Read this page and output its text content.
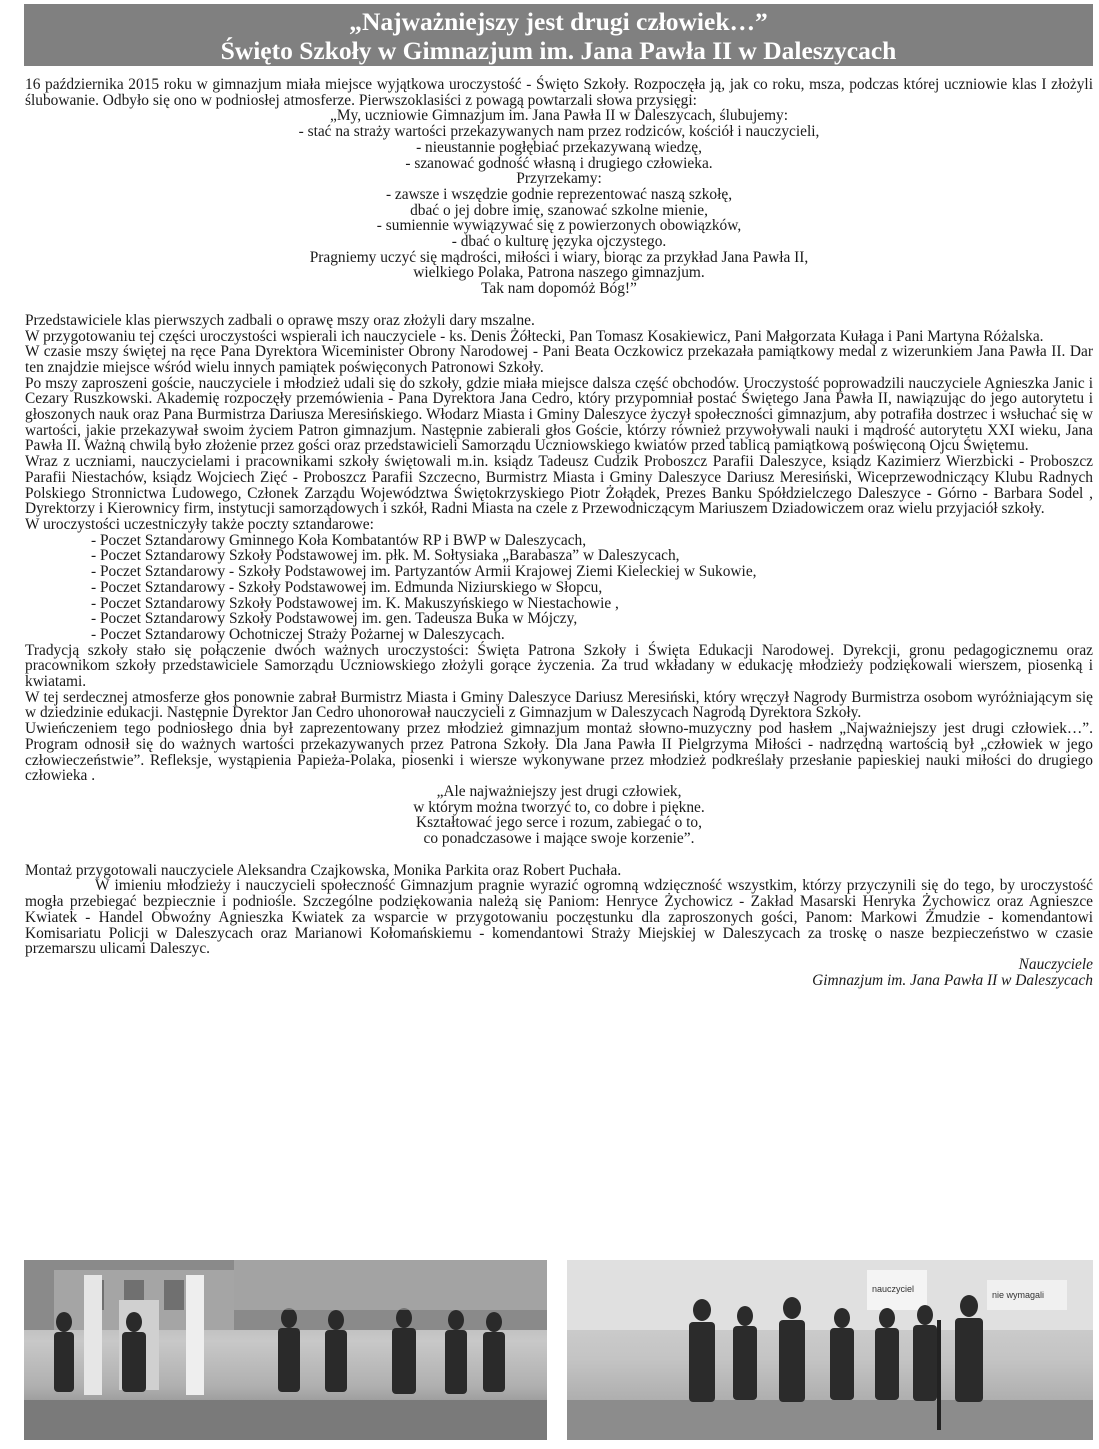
„Najważniejszy jest drugi człowiek…”
Święto Szkoły w Gimnazjum im. Jana Pawła II w Daleszycach

16 października 2015 roku w gimnazjum miała miejsce wyjątkowa uroczystość - Święto Szkoły. Rozpoczęła ją, jak co roku, msza, podczas której uczniowie klas I złożyli ślubowanie. Odbyło się ono w podniosłej atmosferze. Pierwszoklasiści z powagą powtarzali słowa przysięgi:

„My, uczniowie Gimnazjum im. Jana Pawła II w Daleszycach, ślubujemy:

- stać na straży wartości przekazywanych nam przez rodziców, kościół i nauczycieli,

- nieustannie pogłębiać przekazywaną wiedzę,

- szanować godność własną i drugiego człowieka.

Przyrzekamy:

- zawsze i wszędzie godnie reprezentować naszą szkołę,

dbać o jej dobre imię, szanować szkolne mienie,

- sumiennie wywiązywać się z powierzonych obowiązków,

- dbać o kulturę języka ojczystego.

Pragniemy uczyć się mądrości, miłości i wiary, biorąc za przykład Jana Pawła II,

wielkiego Polaka, Patrona naszego gimnazjum.

Tak nam dopomóż Bóg!”

Przedstawiciele klas pierwszych zadbali o oprawę mszy oraz złożyli dary mszalne.

W przygotowaniu tej części uroczystości wspierali ich nauczyciele - ks. Denis Żółtecki, Pan Tomasz Kosakiewicz, Pani Małgorzata Kułaga i Pani Martyna Różalska.

W czasie mszy świętej na ręce Pana Dyrektora Wiceminister Obrony Narodowej - Pani Beata Oczkowicz przekazała pamiątkowy medal z wizerunkiem Jana Pawła II. Dar ten znajdzie miejsce wśród wielu innych pamiątek poświęconych Patronowi Szkoły.

Po mszy zaproszeni goście, nauczyciele i młodzież udali się do szkoły, gdzie miała miejsce dalsza część obchodów. Uroczystość poprowadzili nauczyciele Agnieszka Janic i Cezary Ruszkowski. Akademię rozpoczęły przemówienia - Pana Dyrektora Jana Cedro, który przypomniał postać Świętego Jana Pawła II, nawiązując do jego autorytetu i głoszonych nauk oraz Pana Burmistrza Dariusza Meresińskiego. Włodarz Miasta i Gminy Daleszyce życzył społeczności gimnazjum, aby potrafiła dostrzec i wsłuchać się w wartości, jakie przekazywał swoim życiem Patron gimnazjum. Następnie zabierali głos Goście, którzy również przywoływali nauki i mądrość autorytetu XXI wieku, Jana Pawła II. Ważną chwilą było złożenie przez gości oraz przedstawicieli Samorządu Uczniowskiego kwiatów przed tablicą pamiątkową poświęconą Ojcu Świętemu.

Wraz z uczniami, nauczycielami i pracownikami szkoły świętowali m.in. ksiądz Tadeusz Cudzik Proboszcz Parafii Daleszyce, ksiądz Kazimierz Wierzbicki - Proboszcz Parafii Niestachów, ksiądz Wojciech Zięć - Proboszcz Parafii Szczecno, Burmistrz Miasta i Gminy Daleszyce Dariusz Meresiński, Wiceprzewodniczący Klubu Radnych Polskiego Stronnictwa Ludowego, Członek Zarządu Województwa Świętokrzyskiego Piotr Żołądek, Prezes Banku Spółdzielczego Daleszyce - Górno - Barbara Sodel , Dyrektorzy i Kierownicy firm, instytucji samorządowych i szkół, Radni Miasta na czele z Przewodniczącym Mariuszem Dziadowiczem oraz wielu przyjaciół szkoły.

W uroczystości uczestniczyły także poczty sztandarowe:

- Poczet Sztandarowy Gminnego Koła Kombatantów RP i BWP w Daleszycach,
- Poczet Sztandarowy Szkoły Podstawowej im. płk. M. Sołtysiaka „Barabasza” w Daleszycach,
- Poczet Sztandarowy - Szkoły Podstawowej im. Partyzantów Armii Krajowej Ziemi Kieleckiej w Sukowie,
- Poczet Sztandarowy - Szkoły Podstawowej im. Edmunda Niziurskiego w Słopcu,
- Poczet Sztandarowy Szkoły Podstawowej im. K. Makuszyńskiego w Niestachowie ,
- Poczet Sztandarowy Szkoły Podstawowej im. gen. Tadeusza Buka w Mójczy,
- Poczet Sztandarowy Ochotniczej Straży Pożarnej w Daleszycach.

Tradycją szkoły stało się połączenie dwóch ważnych uroczystości: Święta Patrona Szkoły i Święta Edukacji Narodowej. Dyrekcji, gronu pedagogicznemu oraz pracownikom szkoły przedstawiciele Samorządu Uczniowskiego złożyli gorące życzenia. Za trud wkładany w edukację młodzieży podziękowali wierszem, piosenką i kwiatami.

W tej serdecznej atmosferze głos ponownie zabrał Burmistrz Miasta i Gminy Daleszyce Dariusz Meresiński, który wręczył Nagrody Burmistrza osobom wyróżniającym się w dziedzinie edukacji. Następnie Dyrektor Jan Cedro uhonorował nauczycieli z Gimnazjum w Daleszycach Nagrodą Dyrektora Szkoły.

Uwieńczeniem tego podniosłego dnia był zaprezentowany przez młodzież gimnazjum montaż słowno-muzyczny pod hasłem „Najważniejszy jest drugi człowiek…”. Program odnosił się do ważnych wartości przekazywanych przez Patrona Szkoły. Dla Jana Pawła II Pielgrzyma Miłości - nadrzędną wartością był „człowiek w jego człowieczeństwie”. Refleksje, wystąpienia Papieża-Polaka, piosenki i wiersze wykonywane przez młodzież podkreślały przesłanie papieskiej nauki miłości do drugiego człowieka .

„Ale najważniejszy jest drugi człowiek,

w którym można tworzyć to, co dobre i piękne.

Kształtować jego serce i rozum, zabiegać o to,

co ponadczasowe i mające swoje korzenie”.

Montaż przygotowali nauczyciele Aleksandra Czajkowska, Monika Parkita oraz Robert Puchała.

W imieniu młodzieży i nauczycieli społeczność Gimnazjum pragnie wyrazić ogromną wdzięczność wszystkim, którzy przyczynili się do tego, by uroczystość mogła przebiegać bezpiecznie i podniośle. Szczególne podziękowania należą się Paniom: Henryce Żychowicz - Zakład Masarski Henryka Żychowicz oraz Agnieszce Kwiatek - Handel Obwoźny Agnieszka Kwiatek za wsparcie w przygotowaniu poczęstunku dla zaproszonych gości, Panom: Markowi Żmudzie - komendantowi Komisariatu Policji w Daleszycach oraz Marianowi Kołomańskiemu - komendantowi Straży Miejskiej w Daleszycach za troskę o nasze bezpieczeństwo w czasie przemarszu ulicami Daleszyc.

Nauczyciele

Gimnazjum im. Jana Pawła II w Daleszycach

nauczyciel
nie wymagali
